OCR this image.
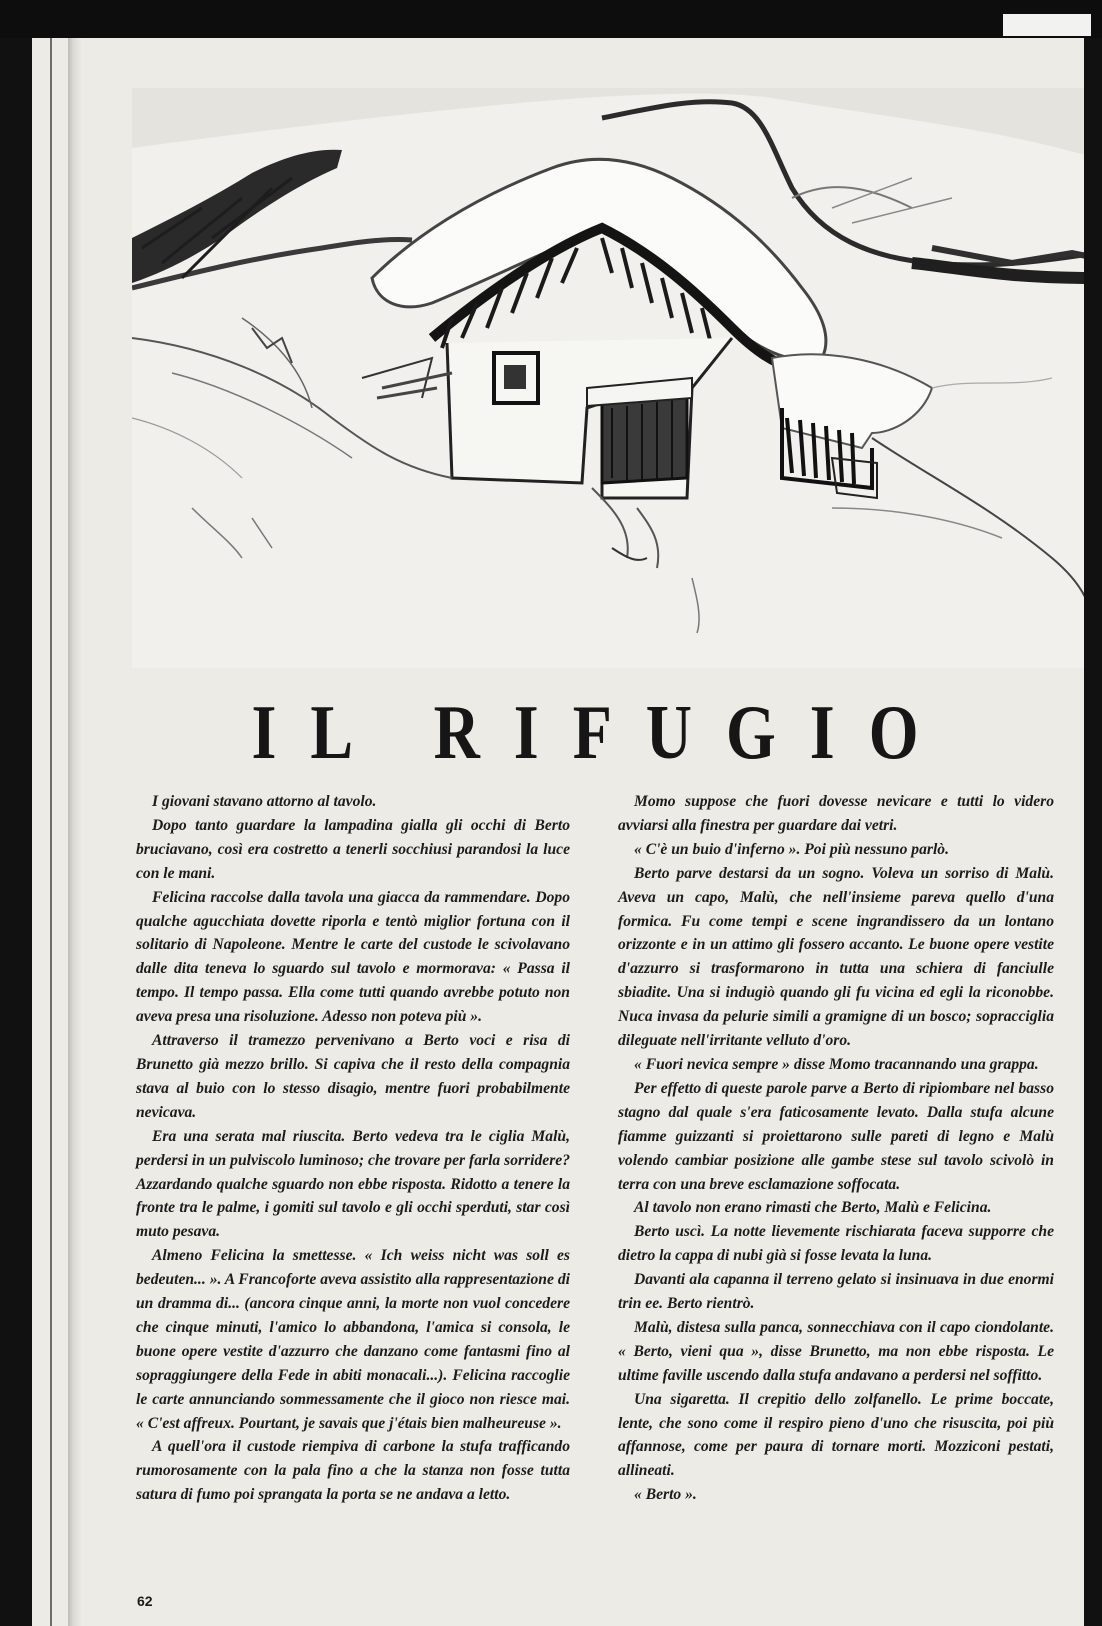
IL RIFUGIO

I giovani stavano attorno al tavolo.

Dopo tanto guardare la lampadina gialla gli occhi di Berto bruciavano, così era costretto a tenerli socchiusi parandosi la luce con le mani.

Felicina raccolse dalla tavola una giacca da rammendare. Dopo qualche agucchiata dovette riporla e tentò miglior fortuna con il solitario di Napoleone. Mentre le carte del custode le scivolavano dalle dita teneva lo sguardo sul tavolo e mormorava: « Passa il tempo. Il tempo passa. Ella come tutti quando avrebbe potuto non aveva presa una risoluzione. Adesso non poteva più ».

Attraverso il tramezzo pervenivano a Berto voci e risa di Brunetto già mezzo brillo. Si capiva che il resto della compagnia stava al buio con lo stesso disagio, mentre fuori probabilmente nevicava.

Era una serata mal riuscita. Berto vedeva tra le ciglia Malù, perdersi in un pulviscolo luminoso; che trovare per farla sorridere? Azzardando qualche sguardo non ebbe risposta. Ridotto a tenere la fronte tra le palme, i gomiti sul tavolo e gli occhi sperduti, star così muto pesava.

Almeno Felicina la smettesse. « Ich weiss nicht was soll es bedeuten... ». A Francoforte aveva assistito alla rappresentazione di un dramma di... (ancora cinque anni, la morte non vuol concedere che cinque minuti, l'amico lo abbandona, l'amica si consola, le buone opere vestite d'azzurro che danzano come fantasmi fino al sopraggiungere della Fede in abiti monacali...). Felicina raccoglie le carte annunciando sommessamente che il gioco non riesce mai. « C'est affreux. Pourtant, je savais que j'étais bien malheureuse ».

A quell'ora il custode riempiva di carbone la stufa trafficando rumorosamente con la pala fino a che la stanza non fosse tutta satura di fumo poi sprangata la porta se ne andava a letto.

Momo suppose che fuori dovesse nevicare e tutti lo videro avviarsi alla finestra per guardare dai vetri.

« C'è un buio d'inferno ». Poi più nessuno parlò.

Berto parve destarsi da un sogno. Voleva un sorriso di Malù. Aveva un capo, Malù, che nell'insieme pareva quello d'una formica. Fu come tempi e scene ingrandissero da un lontano orizzonte e in un attimo gli fossero accanto. Le buone opere vestite d'azzurro si trasformarono in tutta una schiera di fanciulle sbiadite. Una si indugiò quando gli fu vicina ed egli la riconobbe. Nuca invasa da pelurie simili a gramigne di un bosco; sopracciglia dileguate nell'irritante velluto d'oro.

« Fuori nevica sempre » disse Momo tracannando una grappa.

Per effetto di queste parole parve a Berto di ripiombare nel basso stagno dal quale s'era faticosamente levato. Dalla stufa alcune fiamme guizzanti si proiettarono sulle pareti di legno e Malù volendo cambiar posizione alle gambe stese sul tavolo scivolò in terra con una breve esclamazione soffocata.

Al tavolo non erano rimasti che Berto, Malù e Felicina.

Berto uscì. La notte lievemente rischiarata faceva supporre che dietro la cappa di nubi già si fosse levata la luna.

Davanti ala capanna il terreno gelato si insinuava in due enormi trin ee. Berto rientrò.

Malù, distesa sulla panca, sonnecchiava con il capo ciondolante. « Berto, vieni qua », disse Brunetto, ma non ebbe risposta. Le ultime faville uscendo dalla stufa andavano a perdersi nel soffitto.

Una sigaretta. Il crepitio dello zolfanello. Le prime boccate, lente, che sono come il respiro pieno d'uno che risuscita, poi più affannose, come per paura di tornare morti. Mozziconi pestati, allineati.

« Berto ».

62
